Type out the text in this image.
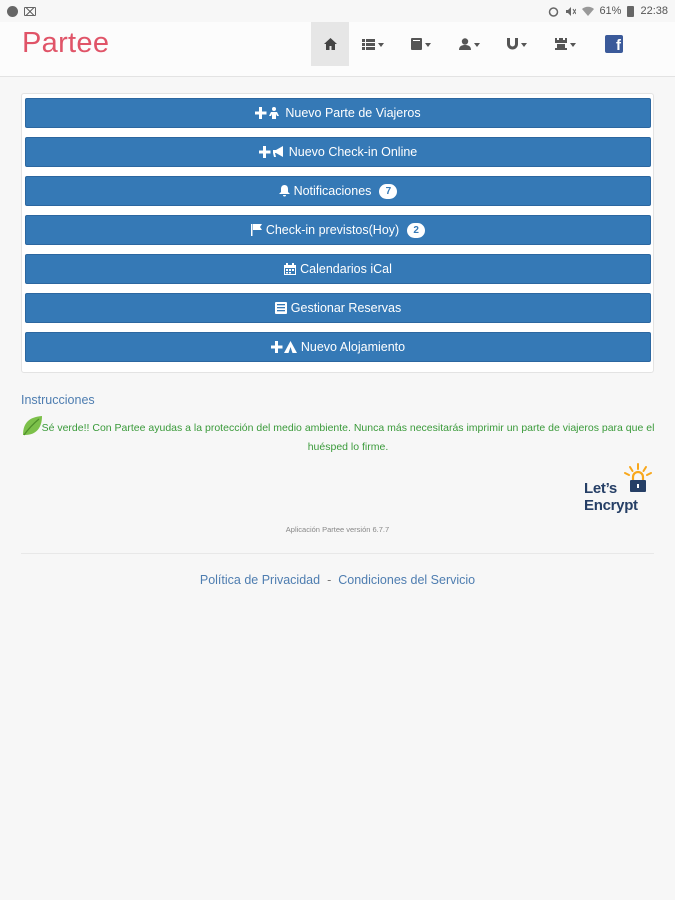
61% 22:38
Partee	f
Nuevo Parte de Viajeros
Nuevo Check-in Online
Notificaciones	7
Check-in previstos(Hoy)	2
Calendarios iCal
Gestionar Reservas
Nuevo Alojamiento
Instrucciones
Sé verde!! Con Partee ayudas a la protección del medio ambiente. Nunca más necesitarás imprimir un parte de viajeros para que el huésped lo firme.
Let’s
Encrypt
Aplicación Partee versión 6.7.7
Política de Privacidad - Condiciones del Servicio
